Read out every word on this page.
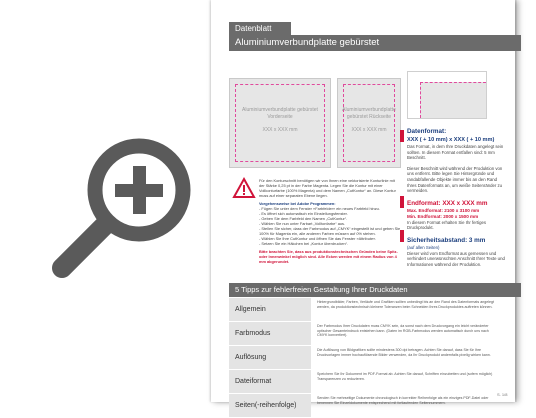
Datenblatt
Aluminiumverbundplatte gebürstet
Aluminiumverbundplatte gebürstet Vorderseite
XXX x XXX mm
Aluminiumverbundplatte gebürstet Rückseite
XXX x XXX mm	Datenformat:
XXX ( + 10 mm) x XXX ( + 10 mm)
Das Format, in dem Ihre Druckdaten angelegt sein sollten. In diesem Format entfallen sind: 5 mm Beschnitt.
Dieser Beschnitt wird während der Produktion von uns entfernt. Bitte legen Sie Hintergründe und randabfallende Objekte immer bis an den Rand Ihres Datenformats an, um weiße Seitenränder zu vermeiden.
Endformat: XXX x XXX mm
Max. Endformat: 2100 x 3100 mm
Min. Endformat: 2000 x 1500 mm
In diesem Format erhalten Sie Ihr fertiges Druckprodukt.
Sicherheitsabstand: 3 mm
(auf allen Seiten)
Dieser wird vom Endformat aus gemessen und verhindert unerwünschten Anschnitt Ihrer Texte und Informationen während der Produktion.
Für den Konturschnitt benötigen wir von Ihnen eine vektorisierte Konturlinie mit der Stärke 0,25 pt in der Farbe Magenta. Legen Sie die Kontur mit einer Vollkonturfarbe (100% Magenta) und dem Namen „CutKontur“ an. Diese Kontur muss auf einer separaten Ebene liegen.
Vorgehensweise bei Adobe Programmen:
- Fügen Sie unter dem Fenster »Farbfelder« ein neues Farbfeld hinzu.
- Es öffnet sich automatisch ein Einstellungsfenster.
- Geben Sie dem Farbfeld den Namen „CutKontur“.
- Wählen Sie nun unter Farbart „Volltonfarbe“ aus.
- Stellen Sie sicher, dass der Farbmodus auf „CMYK“ eingestellt ist und geben Sie 100% für Magenta ein, alle anderen Farben müssen auf 0% stehen.
- Wählen Sie Ihre CutKontur und öffnen Sie das Fenster »Attribute«.
- Setzen Sie ein Häkchen bei „Kontur überdrucken“.
Bitte beachten Sie, dass aus produktionstechnischen Gründen keine Spitz- oder Innenwinkel möglich sind. Alle Ecken werden mit einem Radius von 4 mm abgerundet.
5 Tipps zur fehlerfreien Gestaltung Ihrer Druckdaten
Allgemein
Hintergrundbilder, Farben, Verläufe und Grafiken sollten unbedingt bis an den Rand des Datenformats angelegt werden, da produktionstechnisch kleinere Toleranzen beim Schneiden Ihres Druckproduktes auftreten können.
Farbmodus
Der Farbmodus Ihrer Druckdaten muss CMYK sein, da sonst nach dem Druckvorgang ein leicht veränderter optischer Gesamteindruck entstehen kann. (Daten im RGB-Farbmodus werden automatisch durch uns nach CMYK konvertiert).
Auflösung
Die Auflösung von Bildgrafiken sollte mindestens 300 dpi betragen. Achten Sie darauf, dass Sie für Ihre Druckvorlagen immer hochauflösende Bilder verwenden, da Ihr Druckprodukt andernfalls pixelig wirken kann.
Dateiformat
Speichern Sie Ihr Dokument im PDF-Format ab. Achten Sie darauf, Schriften einzubetten und (sofern möglich) Transparenzen zu reduzieren.
Seiten(-reihenfolge)
Senden Sie mehrseitige Dokumente chronologisch in korrekter Reihenfolge als ein einziges PDF-Datei oder benennen Sie Einzeldokumente entsprechend mit fortlaufenden Seitennummern.
S. 1/8
